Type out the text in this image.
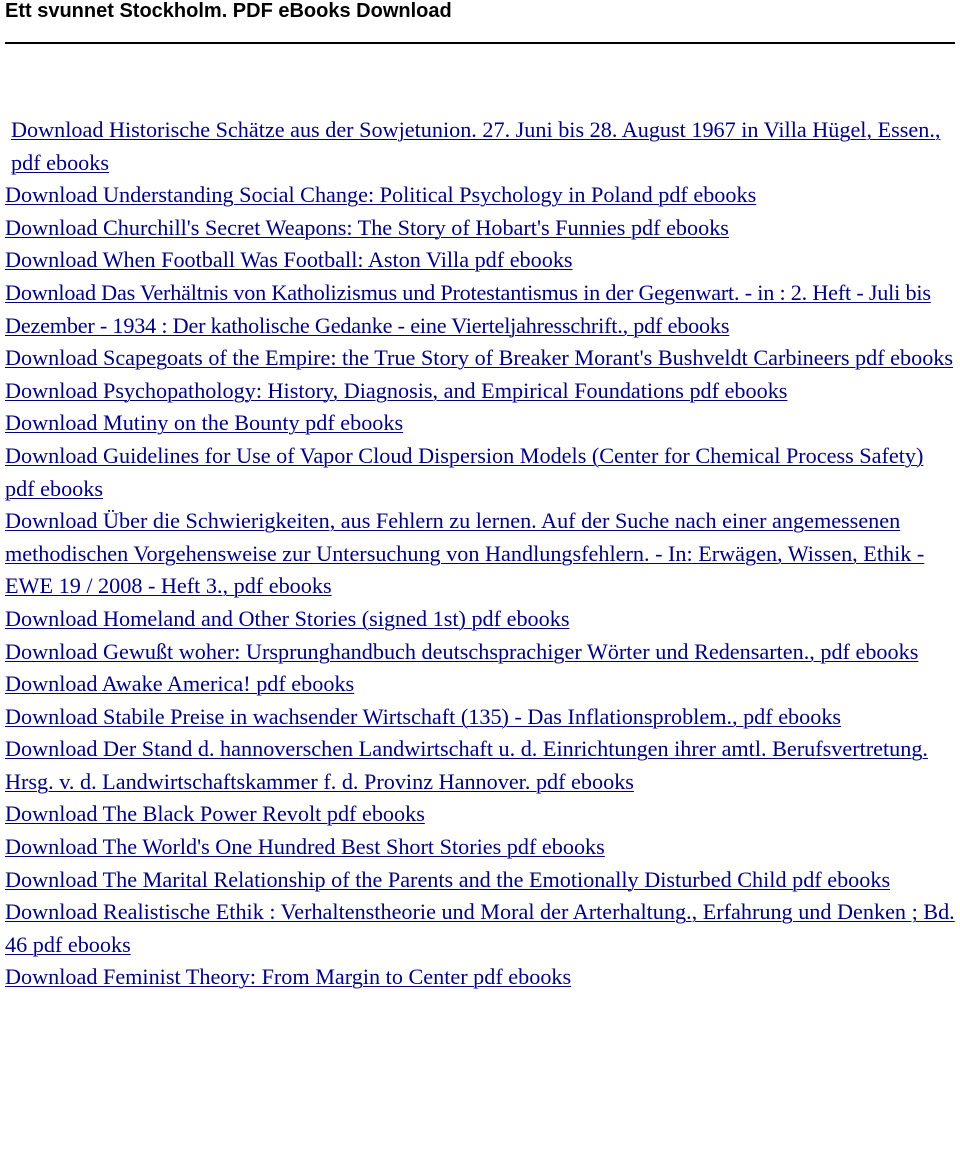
Ett svunnet Stockholm. PDF eBooks Download
Download Historische Schätze aus der Sowjetunion. 27. Juni bis 28. August 1967 in Villa Hügel, Essen., pdf ebooks
Download Understanding Social Change: Political Psychology in Poland pdf ebooks
Download Churchill's Secret Weapons: The Story of Hobart's Funnies pdf ebooks
Download When Football Was Football: Aston Villa pdf ebooks
Download Das Verhältnis von Katholizismus und Protestantismus in der Gegenwart. - in : 2. Heft - Juli bis Dezember - 1934 : Der katholische Gedanke - eine Vierteljahresschrift., pdf ebooks
Download Scapegoats of the Empire: the True Story of Breaker Morant's Bushveldt Carbineers pdf ebooks
Download Psychopathology: History, Diagnosis, and Empirical Foundations pdf ebooks
Download Mutiny on the Bounty pdf ebooks
Download Guidelines for Use of Vapor Cloud Dispersion Models (Center for Chemical Process Safety) pdf ebooks
Download Über die Schwierigkeiten, aus Fehlern zu lernen. Auf der Suche nach einer angemessenen methodischen Vorgehensweise zur Untersuchung von Handlungsfehlern. - In: Erwägen, Wissen, Ethik - EWE 19 / 2008 - Heft 3., pdf ebooks
Download Homeland and Other Stories (signed 1st) pdf ebooks
Download Gewußt woher: Ursprunghandbuch deutschsprachiger Wörter und Redensarten., pdf ebooks
Download Awake America! pdf ebooks
Download Stabile Preise in wachsender Wirtschaft (135) - Das Inflationsproblem., pdf ebooks
Download Der Stand d. hannoverschen Landwirtschaft u. d. Einrichtungen ihrer amtl. Berufsvertretung. Hrsg. v. d. Landwirtschaftskammer f. d. Provinz Hannover. pdf ebooks
Download The Black Power Revolt pdf ebooks
Download The World's One Hundred Best Short Stories pdf ebooks
Download The Marital Relationship of the Parents and the Emotionally Disturbed Child pdf ebooks
Download Realistische Ethik : Verhaltenstheorie und Moral der Arterhaltung., Erfahrung und Denken ; Bd. 46 pdf ebooks
Download Feminist Theory: From Margin to Center pdf ebooks
